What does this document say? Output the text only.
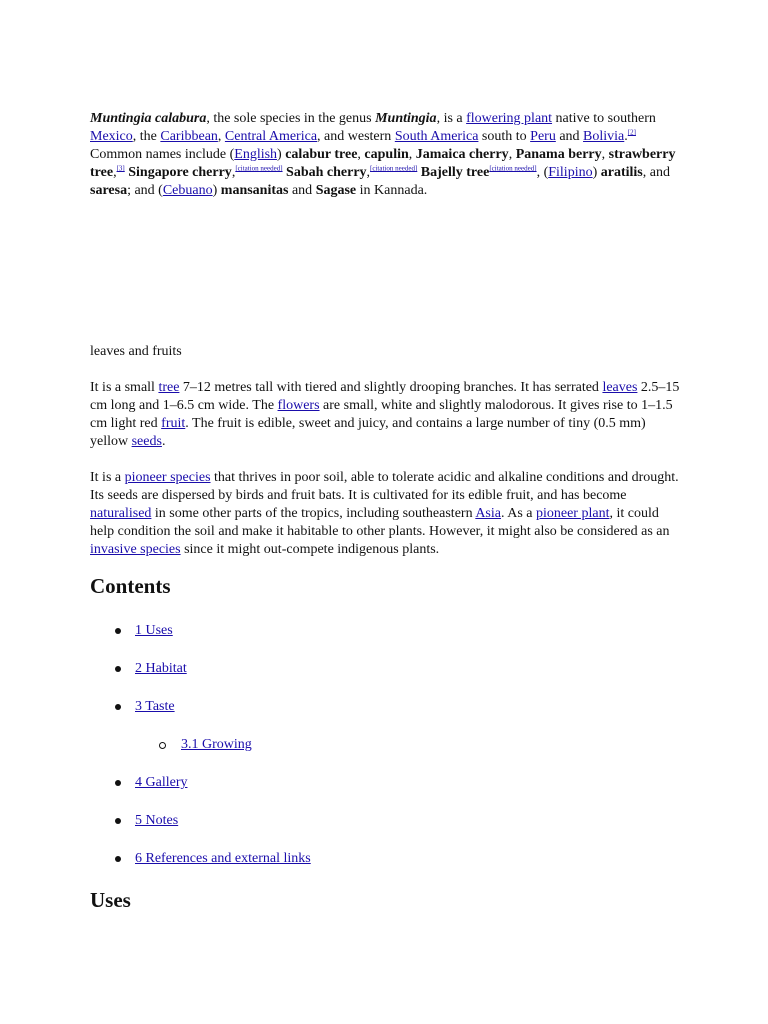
Muntingia calabura, the sole species in the genus Muntingia, is a flowering plant native to southern Mexico, the Caribbean, Central America, and western South America south to Peru and Bolivia.[2] Common names include (English) calabur tree, capulin, Jamaica cherry, Panama berry, strawberry tree,[3] Singapore cherry,[citation needed] Sabah cherry,[citation needed] Bajelly tree[citation needed], (Filipino) aratilis, and saresa; and (Cebuano) mansanitas and Sagase in Kannada.

leaves and fruits

It is a small tree 7–12 metres tall with tiered and slightly drooping branches. It has serrated leaves 2.5–15 cm long and 1–6.5 cm wide. The flowers are small, white and slightly malodorous. It gives rise to 1–1.5 cm light red fruit. The fruit is edible, sweet and juicy, and contains a large number of tiny (0.5 mm) yellow seeds.

It is a pioneer species that thrives in poor soil, able to tolerate acidic and alkaline conditions and drought. Its seeds are dispersed by birds and fruit bats. It is cultivated for its edible fruit, and has become naturalised in some other parts of the tropics, including southeastern Asia. As a pioneer plant, it could help condition the soil and make it habitable to other plants. However, it might also be considered as an invasive species since it might out-compete indigenous plants.

Contents
1 Uses
2 Habitat
3 Taste
3.1 Growing
4 Gallery
5 Notes
6 References and external links
Uses
